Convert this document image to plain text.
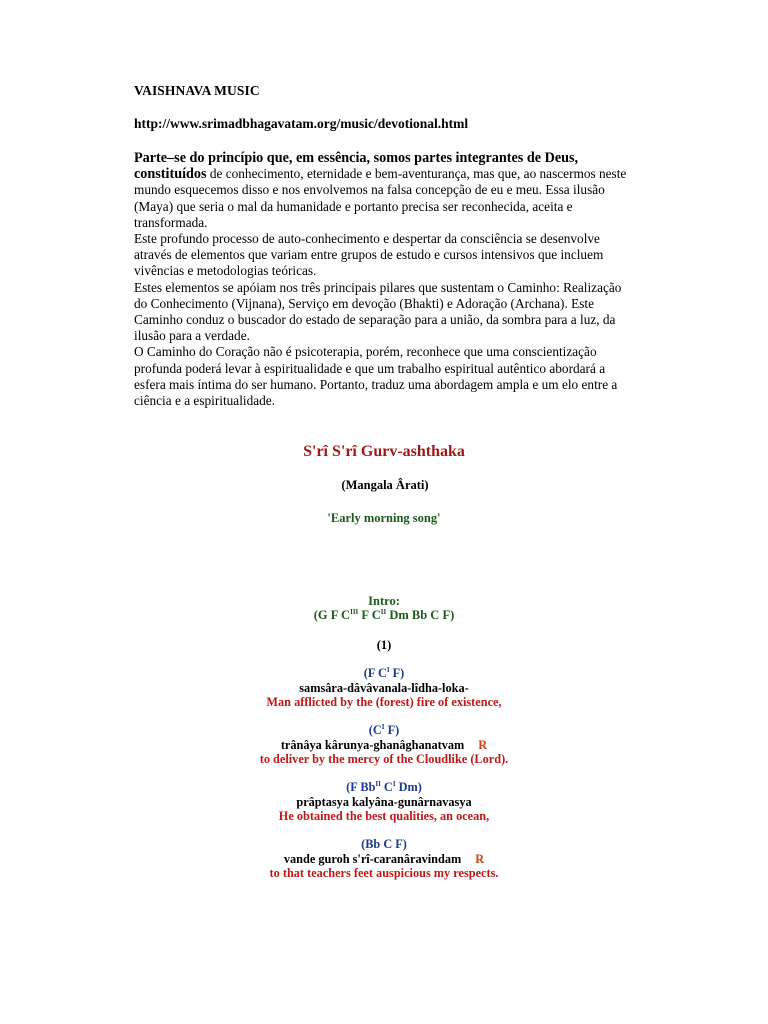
VAISHNAVA MUSIC
http://www.srimadbhagavatam.org/music/devotional.html

Parte–se do princípio que, em essência, somos partes integrantes de Deus, constituídos de conhecimento, eternidade e bem-aventurança, mas que, ao nascermos neste mundo esquecemos disso e nos envolvemos na falsa concepção de eu e meu. Essa ilusão (Maya) que seria o mal da humanidade e portanto precisa ser reconhecida, aceita e transformada.

Este profundo processo de auto-conhecimento e despertar da consciência se desenvolve através de elementos que variam entre grupos de estudo e cursos intensivos que incluem vivências e metodologias teóricas.

Estes elementos se apóiam nos três principais pilares que sustentam o Caminho: Realização do Conhecimento (Vijnana), Serviço em devoção (Bhakti) e Adoração (Archana). Este Caminho conduz o buscador do estado de separação para a união, da sombra para a luz, da ilusão para a verdade.

O Caminho do Coração não é psicoterapia, porém, reconhece que uma conscientização profunda poderá levar à espiritualidade e que um trabalho espiritual autêntico abordará a esfera mais íntima do ser humano. Portanto, traduz uma abordagem ampla e um elo entre a ciência e a espiritualidade.

S'rî S'rî Gurv-ashthaka
(Mangala Ârati)
'Early morning song'
Intro:
(G F $C^{III}$ F $C^{II}$ Dm Bb C F)
(1)
(F $C^I$ F)
samsâra-dâvâvanala-lîdha-loka-
Man afflicted by the (forest) fire of existence,
($C^I$ F)
trânâya kârunya-ghanâghanatvam R
to deliver by the mercy of the Cloudlike (Lord).
(F $Bb^{II}$ $C^I$ Dm)
prâptasya kalyâna-gunârnavasya
He obtained the best qualities, an ocean,
(Bb C F)
vande guroh s'rî-caranâravindam R
to that teachers feet auspicious my respects.
